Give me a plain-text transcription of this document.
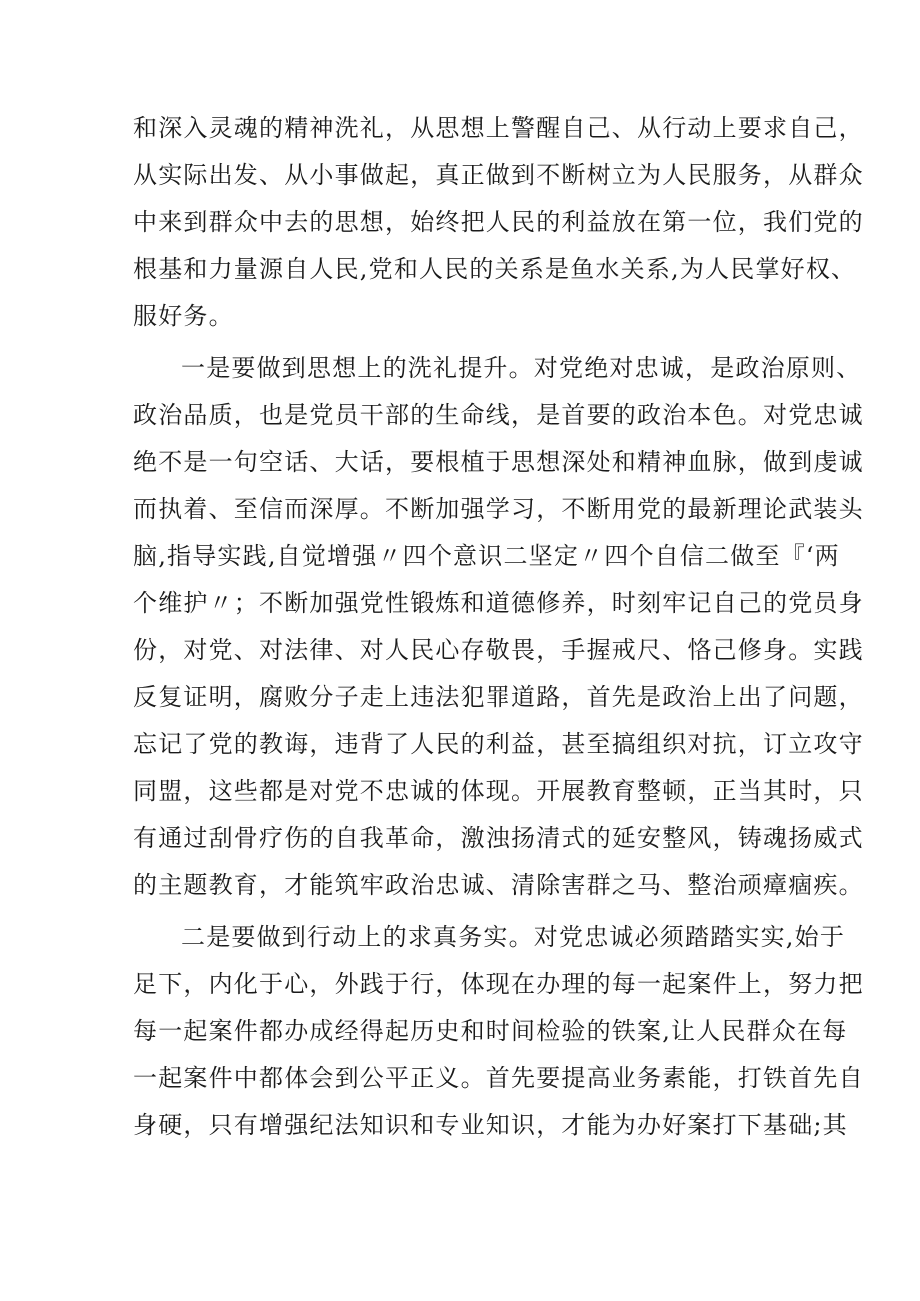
和深入灵魂的精神洗礼，从思想上警醒自己、从行动上要求自己，
从实际出发、从小事做起，真正做到不断树立为人民服务，从群众
中来到群众中去的思想，始终把人民的利益放在第一位，我们党的
根基和力量源自人民,党和人民的关系是鱼水关系,为人民掌好权、
服好务。
一是要做到思想上的洗礼提升。对党绝对忠诚，是政治原则、
政治品质，也是党员干部的生命线，是首要的政治本色。对党忠诚
绝不是一句空话、大话，要根植于思想深处和精神血脉，做到虔诚
而执着、至信而深厚。不断加强学习，不断用党的最新理论武装头
脑,指导实践,自觉增强〃四个意识二坚定〃四个自信二做至『‘两
个维护〃；不断加强党性锻炼和道德修养，时刻牢记自己的党员身
份，对党、对法律、对人民心存敬畏，手握戒尺、恪己修身。实践
反复证明，腐败分子走上违法犯罪道路，首先是政治上出了问题，
忘记了党的教诲，违背了人民的利益，甚至搞组织对抗，订立攻守
同盟，这些都是对党不忠诚的体现。开展教育整顿，正当其时，只
有通过刮骨疗伤的自我革命，激浊扬清式的延安整风，铸魂扬威式
的主题教育，才能筑牢政治忠诚、清除害群之马、整治顽瘴痼疾。
二是要做到行动上的求真务实。对党忠诚必须踏踏实实,始于
足下，内化于心，外践于行，体现在办理的每一起案件上，努力把
每一起案件都办成经得起历史和时间检验的铁案,让人民群众在每
一起案件中都体会到公平正义。首先要提高业务素能，打铁首先自
身硬，只有增强纪法知识和专业知识，才能为办好案打下基础;其
